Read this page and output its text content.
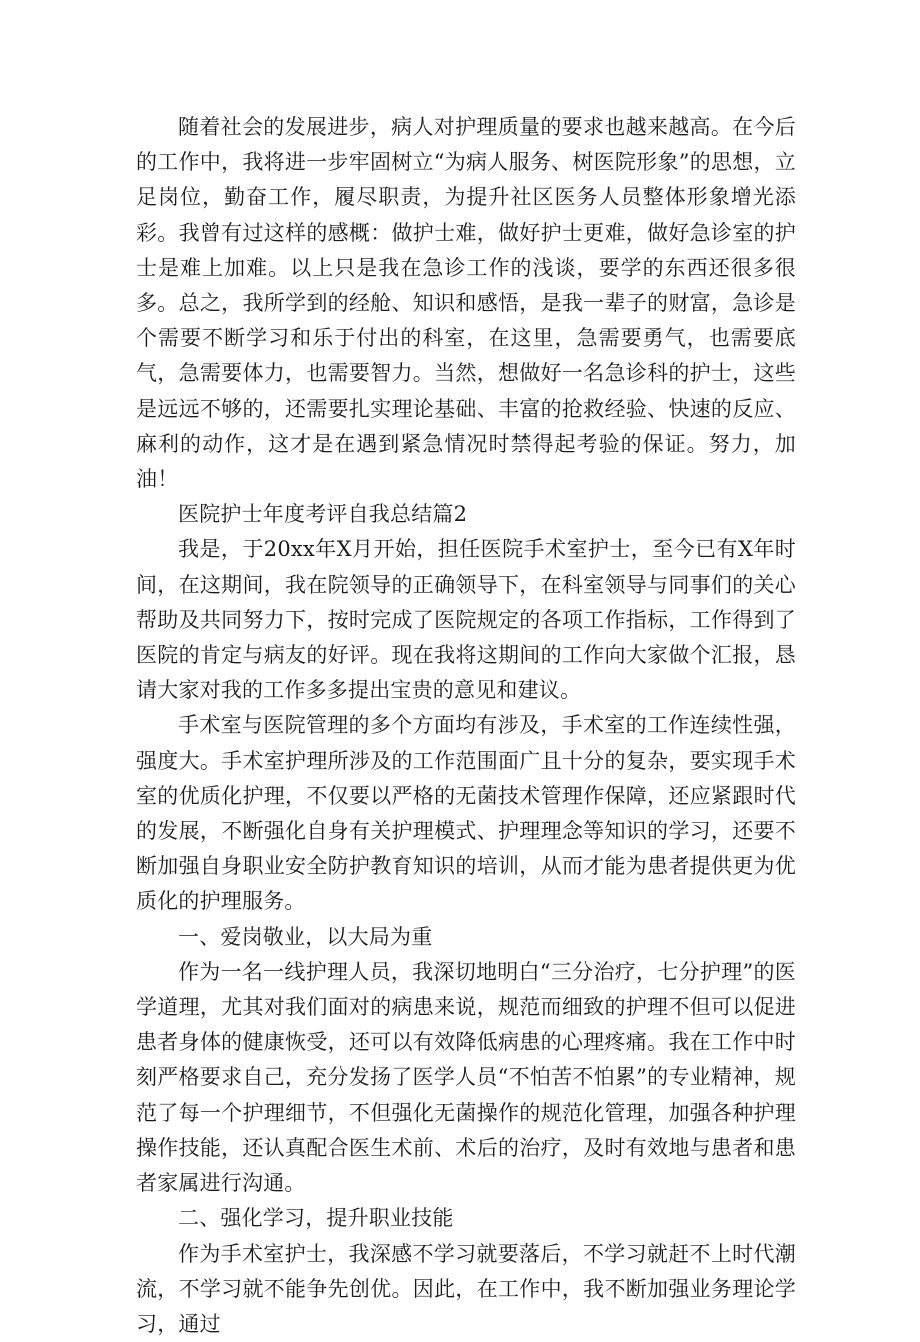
随着社会的发展进步，病人对护理质量的要求也越来越高。在今后的工作中，我将进一步牢固树立“为病人服务、树医院形象”的思想，立足岗位，勤奋工作，履尽职责，为提升社区医务人员整体形象增光添彩。我曾有过这样的感概：做护士难，做好护士更难，做好急诊室的护士是难上加难。以上只是我在急诊工作的浅谈，要学的东西还很多很多。总之，我所学到的经舱、知识和感悟，是我一辈子的财富，急诊是个需要不断学习和乐于付出的科室，在这里，急需要勇气，也需要底气，急需要体力，也需要智力。当然，想做好一名急诊科的护士，这些是远远不够的，还需要扎实理论基础、丰富的抢救经验、快速的反应、麻利的动作，这才是在遇到紧急情况时禁得起考验的保证。努力，加油！

医院护士年度考评自我总结篇2

我是，于20xx年X月开始，担任医院手术室护士，至今已有X年时间，在这期间，我在院领导的正确领导下，在科室领导与同事们的关心帮助及共同努力下，按时完成了医院规定的各项工作指标，工作得到了医院的肯定与病友的好评。现在我将这期间的工作向大家做个汇报，恳请大家对我的工作多多提出宝贵的意见和建议。

手术室与医院管理的多个方面均有涉及，手术室的工作连续性强，强度大。手术室护理所涉及的工作范围面广且十分的复杂，要实现手术室的优质化护理，不仅要以严格的无菌技术管理作保障，还应紧跟时代的发展，不断强化自身有关护理模式、护理理念等知识的学习，还要不断加强自身职业安全防护教育知识的培训，从而才能为患者提供更为优质化的护理服务。

一、爱岗敬业，以大局为重

作为一名一线护理人员，我深切地明白“三分治疗，七分护理”的医学道理，尤其对我们面对的病患来说，规范而细致的护理不但可以促进患者身体的健康恢受，还可以有效降低病患的心理疼痛。我在工作中时刻严格要求自己，充分发扬了医学人员“不怕苦不怕累”的专业精神，规范了每一个护理细节，不但强化无菌操作的规范化管理，加强各种护理操作技能，还认真配合医生术前、术后的治疗，及时有效地与患者和患者家属进行沟通。

二、强化学习，提升职业技能

作为手术室护士，我深感不学习就要落后，不学习就赶不上时代潮流，不学习就不能争先创优。因此，在工作中，我不断加强业务理论学习，通过
